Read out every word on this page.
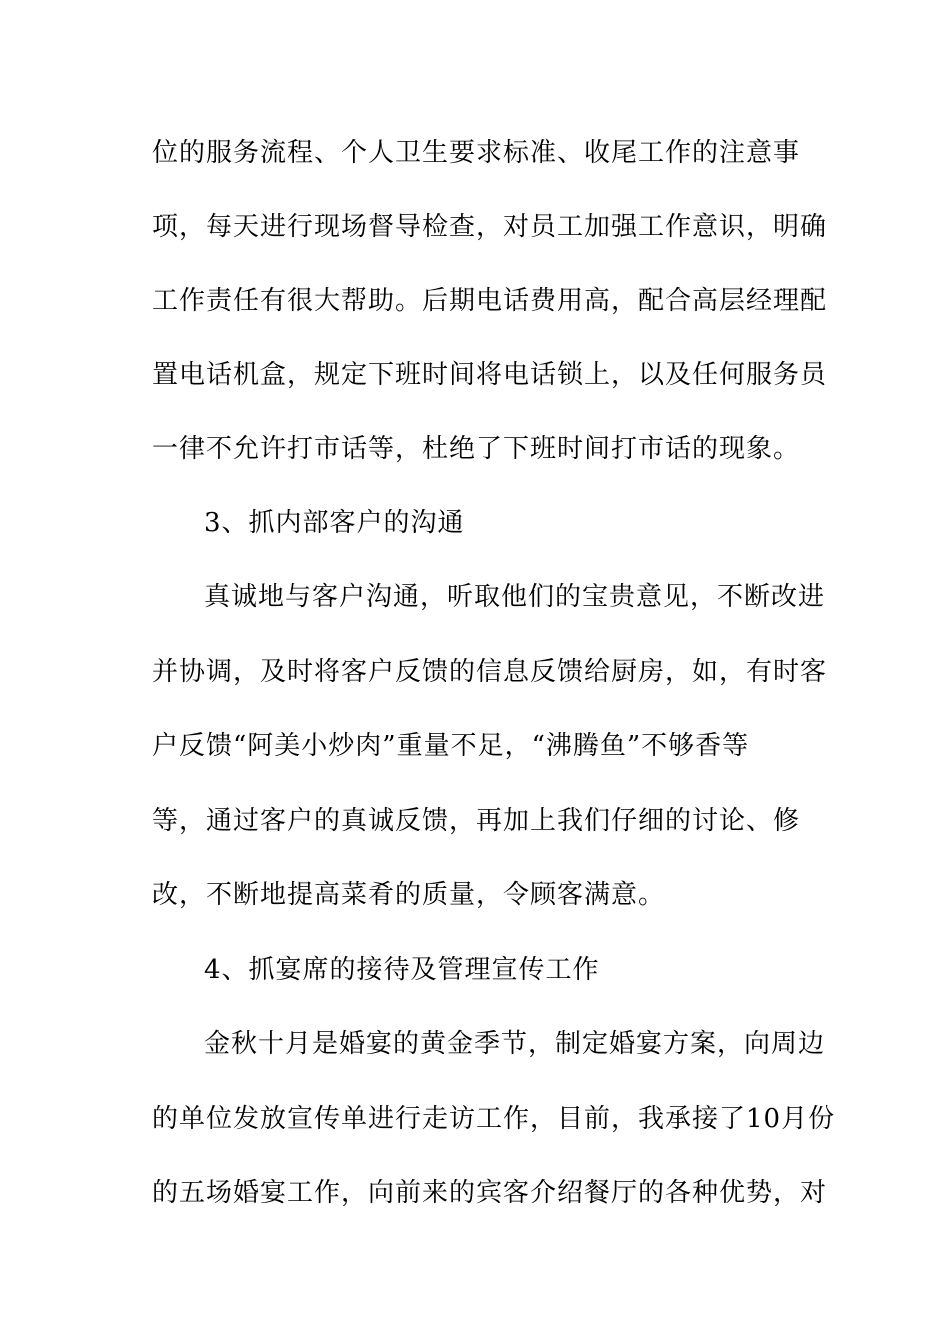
位的服务流程、个人卫生要求标准、收尾工作的注意事
项，每天进行现场督导检查，对员工加强工作意识，明确
工作责任有很大帮助。后期电话费用高，配合高层经理配
置电话机盒，规定下班时间将电话锁上，以及任何服务员
一律不允许打市话等，杜绝了下班时间打市话的现象。
3、抓内部客户的沟通
真诚地与客户沟通，听取他们的宝贵意见，不断改进
并协调，及时将客户反馈的信息反馈给厨房，如，有时客
户反馈“阿美小炒肉”重量不足，“沸腾鱼”不够香等
等，通过客户的真诚反馈，再加上我们仔细的讨论、修
改，不断地提高菜肴的质量，令顾客满意。
4、抓宴席的接待及管理宣传工作
金秋十月是婚宴的黄金季节，制定婚宴方案，向周边
的单位发放宣传单进行走访工作，目前，我承接了10月份
的五场婚宴工作，向前来的宾客介绍餐厅的各种优势，对
